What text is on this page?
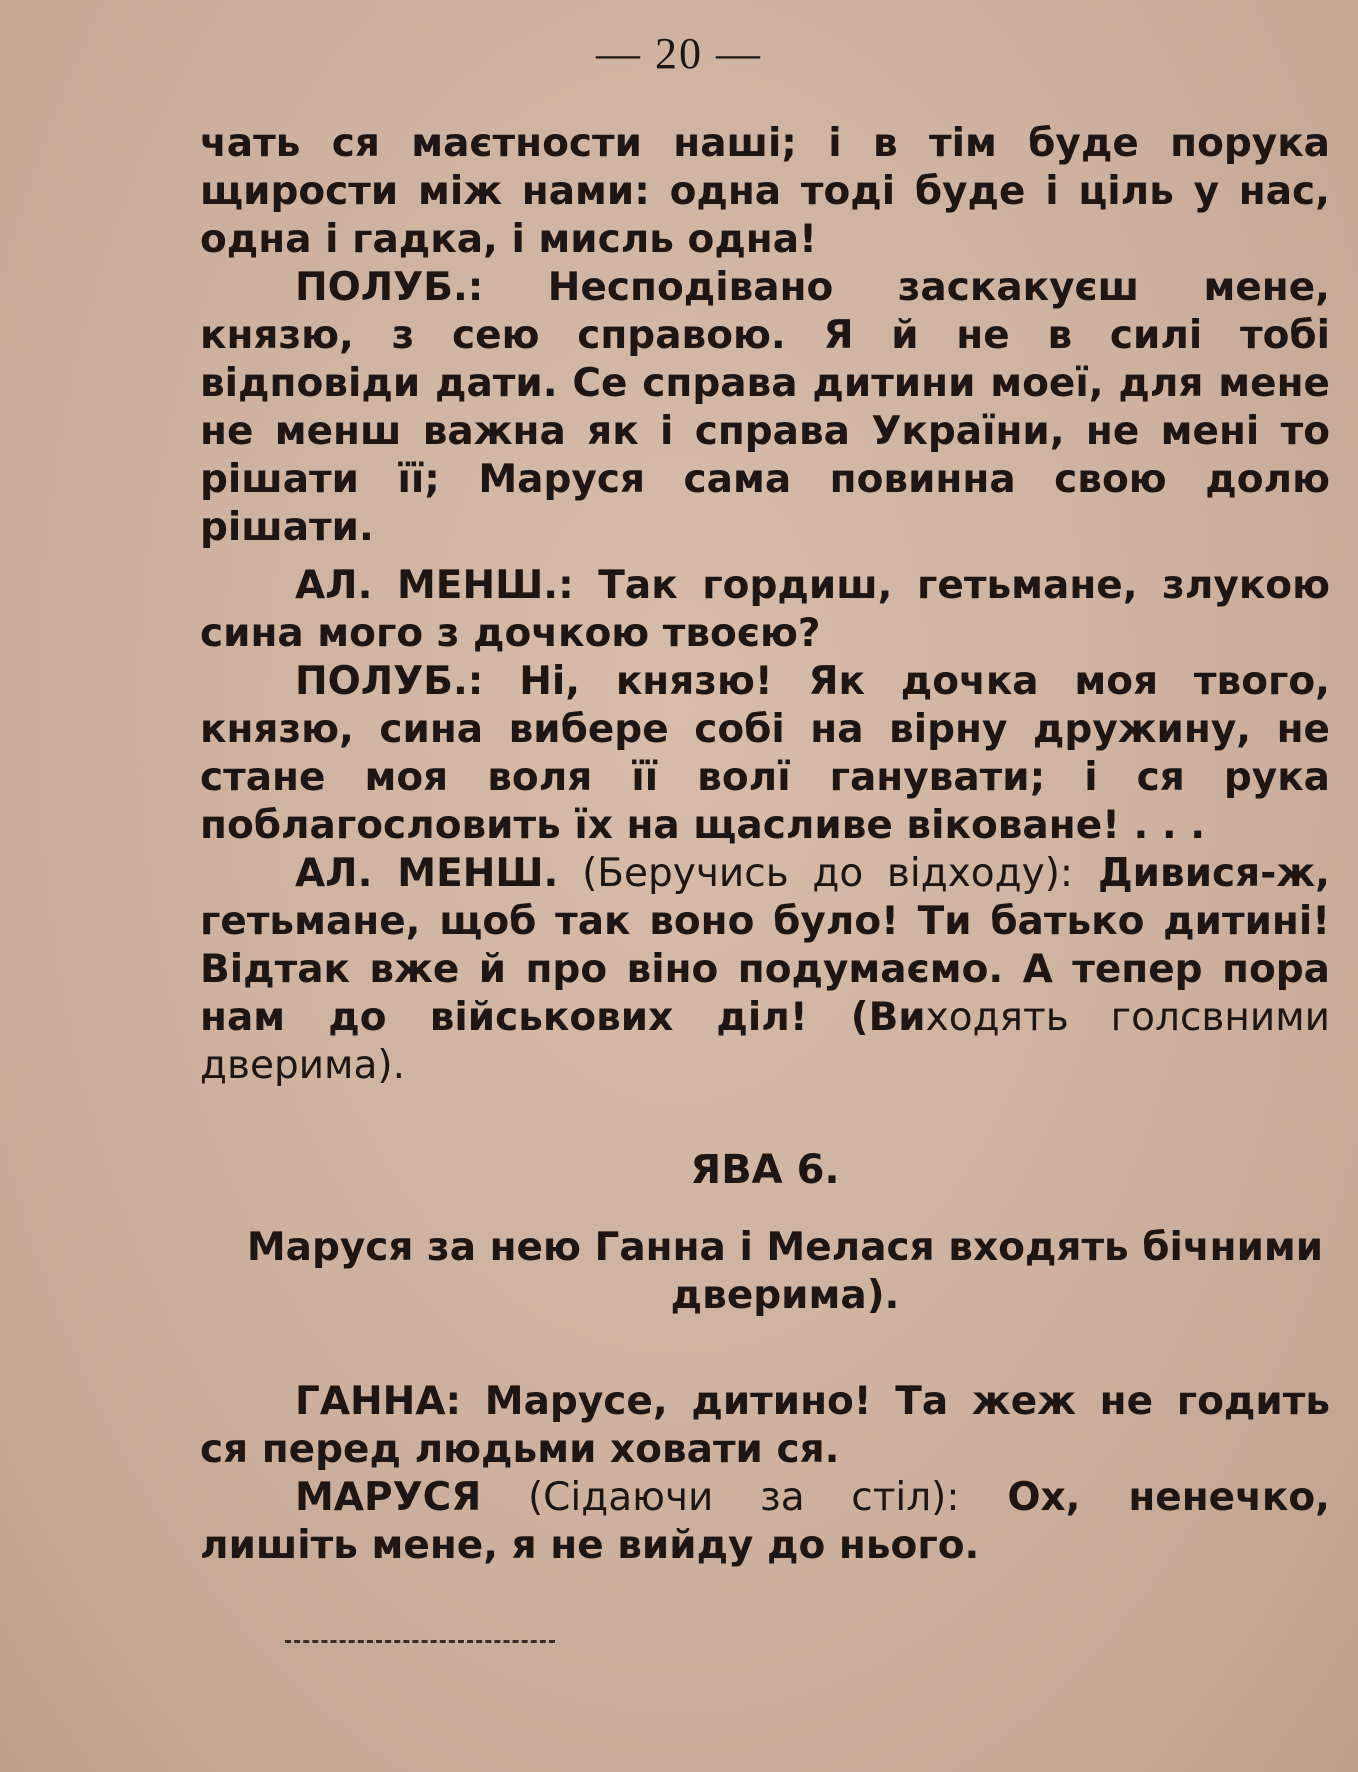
— 20 —

чать ся маєтности наші; і в тім буде порука щирости між нами: одна тоді буде і ціль у нас, одна і гадка, і мисль одна!

ПОЛУБ.: Несподівано заскакуєш мене, князю, з сею справою. Я й не в силі тобі відповіди дати. Се справа дитини моеї, для мене не менш важна як і справа України, не мені то рішати її; Маруся сама повинна свою долю рішати.

АЛ. МЕНШ.: Так гордиш, гетьмане, злукою сина мого з дочкою твоєю?

ПОЛУБ.: Ні, князю! Як дочка моя твого, князю, сина вибере собі на вірну дружину, не стане моя воля її волї ганувати; і ся рука поблагословить їх на щасливе віковане! . . .

АЛ. МЕНШ. (Беручись до відходу): Дивися-ж, гетьмане, щоб так воно було! Ти батько дитині! Відтак вже й про віно подумаємо. А тепер пора нам до військових діл! (Виходять голсвними дверима).

ЯВА 6.
Маруся за нею Ганна і Мелася входять бічними дверима).

ГАННА: Марусе, дитино! Та жеж не годить ся перед людьми ховати ся.

МАРУСЯ (Сідаючи за стіл): Ох, ненечко, лишіть мене, я не вийду до нього.
